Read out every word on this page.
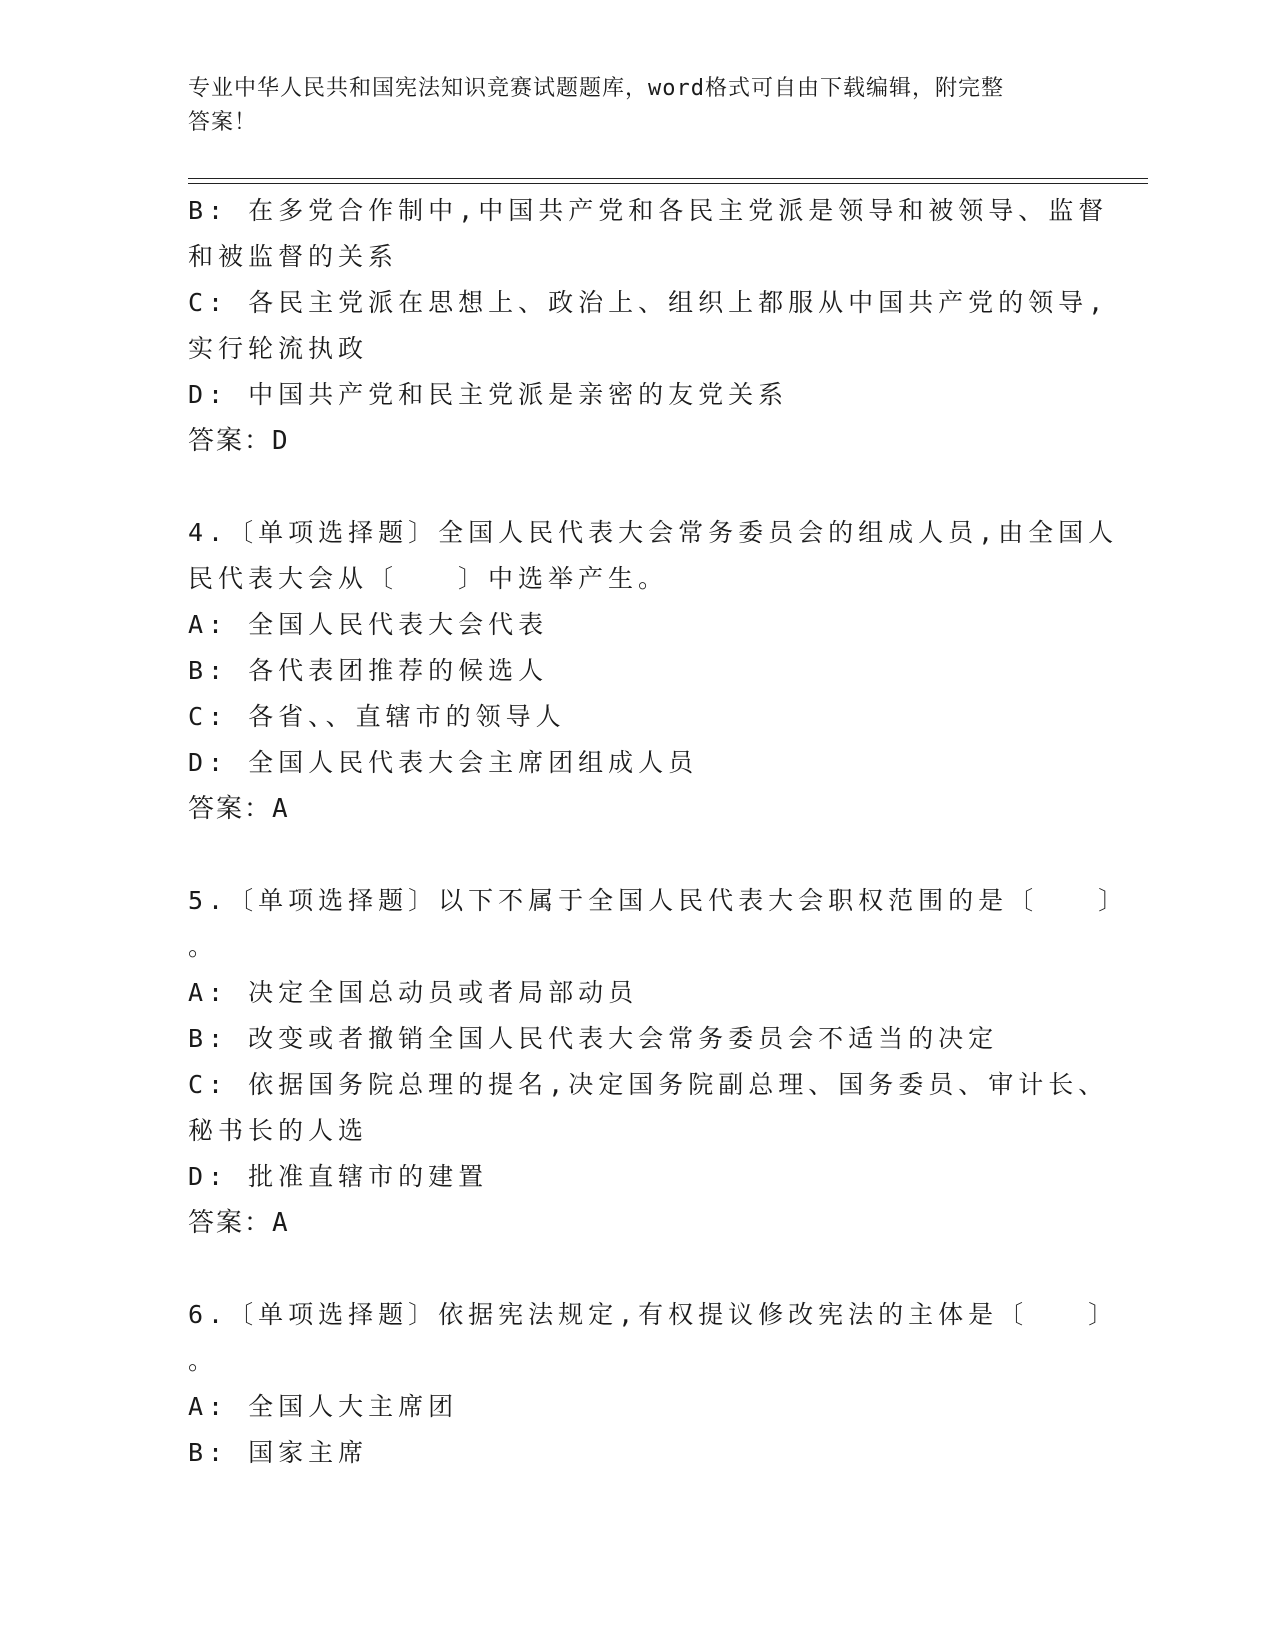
专业中华人民共和国宪法知识竞赛试题题库，word格式可自由下载编辑，附完整
答案！
B: 在多党合作制中,中国共产党和各民主党派是领导和被领导、监督
和被监督的关系
C: 各民主党派在思想上、政治上、组织上都服从中国共产党的领导,
实行轮流执政
D: 中国共产党和民主党派是亲密的友党关系
答案：D
4.〔单项选择题〕全国人民代表大会常务委员会的组成人员,由全国人
民代表大会从〔　　〕中选举产生。
A: 全国人民代表大会代表
B: 各代表团推荐的候选人
C: 各省、、直辖市的领导人
D: 全国人民代表大会主席团组成人员
答案：A
5.〔单项选择题〕以下不属于全国人民代表大会职权范围的是〔　　〕
。
A: 决定全国总动员或者局部动员
B: 改变或者撤销全国人民代表大会常务委员会不适当的决定
C: 依据国务院总理的提名,决定国务院副总理、国务委员、审计长、
秘书长的人选
D: 批准直辖市的建置
答案：A
6.〔单项选择题〕依据宪法规定,有权提议修改宪法的主体是〔　　〕
。
A: 全国人大主席团
B: 国家主席
